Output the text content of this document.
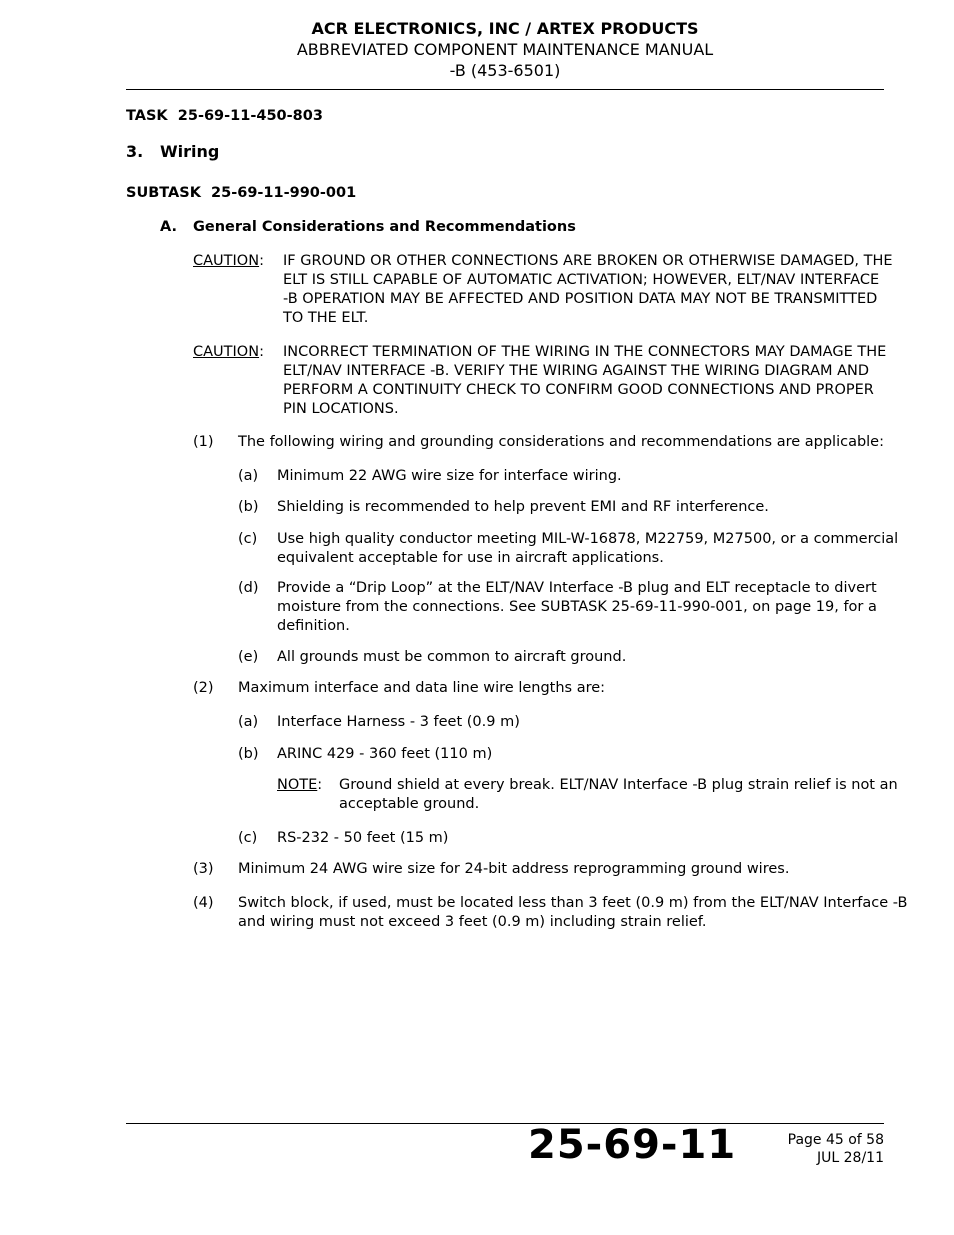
ACR ELECTRONICS, INC / ARTEX PRODUCTS
ABBREVIATED COMPONENT MAINTENANCE MANUAL
-B (453-6501)
TASK  25-69-11-450-803
3. Wiring
SUBTASK  25-69-11-990-001
A. General Considerations and Recommendations
CAUTION: IF GROUND OR OTHER CONNECTIONS ARE BROKEN OR OTHERWISE DAMAGED, THE
ELT IS STILL CAPABLE OF AUTOMATIC ACTIVATION; HOWEVER, ELT/NAV INTERFACE
-B OPERATION MAY BE AFFECTED AND POSITION DATA MAY NOT BE TRANSMITTED
TO THE ELT.
CAUTION: INCORRECT TERMINATION OF THE WIRING IN THE CONNECTORS MAY DAMAGE THE
ELT/NAV INTERFACE -B. VERIFY THE WIRING AGAINST THE WIRING DIAGRAM AND
PERFORM A CONTINUITY CHECK TO CONFIRM GOOD CONNECTIONS AND PROPER
PIN LOCATIONS.
(1) The following wiring and grounding considerations and recommendations are applicable:
(a) Minimum 22 AWG wire size for interface wiring.
(b) Shielding is recommended to help prevent EMI and RF interference.
(c) Use high quality conductor meeting MIL-W-16878, M22759, M27500, or a commercial
equivalent acceptable for use in aircraft applications.
(d) Provide a “Drip Loop” at the ELT/NAV Interface -B plug and ELT receptacle to divert
moisture from the connections. See SUBTASK 25-69-11-990-001, on page 19, for a
definition.
(e) All grounds must be common to aircraft ground.
(2) Maximum interface and data line wire lengths are:
(a) Interface Harness - 3 feet (0.9 m)
(b) ARINC 429 - 360 feet (110 m)
NOTE: Ground shield at every break. ELT/NAV Interface -B plug strain relief is not an
acceptable ground.
(c) RS-232 - 50 feet (15 m)
(3) Minimum 24 AWG wire size for 24-bit address reprogramming ground wires.
(4) Switch block, if used, must be located less than 3 feet (0.9 m) from the ELT/NAV Interface -B
and wiring must not exceed 3 feet (0.9 m) including strain relief.
25-69-11	Page 45 of 58
JUL 28/11
